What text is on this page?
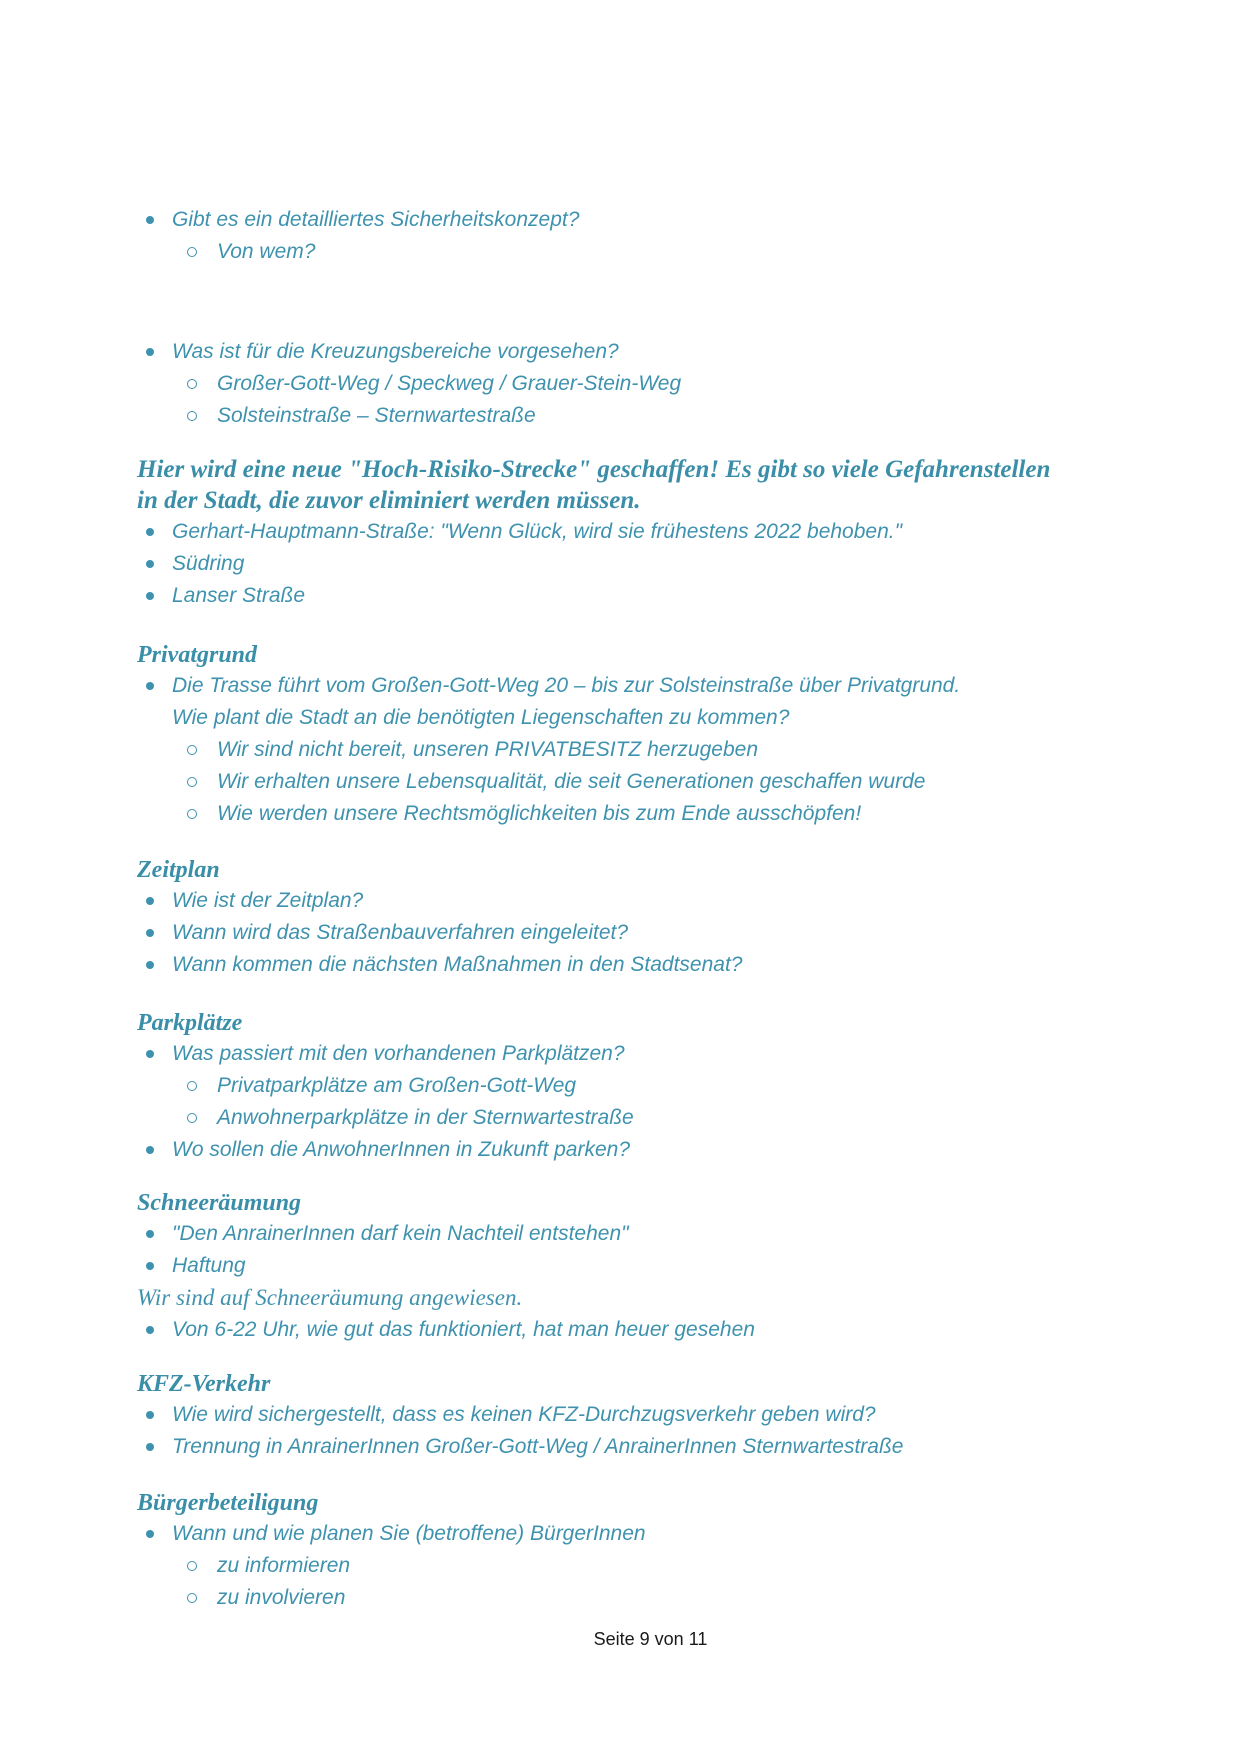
Gibt es ein detailliertes Sicherheitskonzept?
Von wem?
Was ist für die Kreuzungsbereiche vorgesehen?
Großer-Gott-Weg / Speckweg / Grauer-Stein-Weg
Solsteinstraße – Sternwartestraße
Hier wird eine neue "Hoch-Risiko-Strecke" geschaffen! Es gibt so viele Gefahrenstellen
in der Stadt, die zuvor eliminiert werden müssen.
Gerhart-Hauptmann-Straße: "Wenn Glück, wird sie frühestens 2022 behoben."
Südring
Lanser Straße
Privatgrund
Die Trasse führt vom Großen-Gott-Weg 20 – bis zur Solsteinstraße über Privatgrund.
Wie plant die Stadt an die benötigten Liegenschaften zu kommen?
Wir sind nicht bereit, unseren PRIVATBESITZ herzugeben
Wir erhalten unsere Lebensqualität, die seit Generationen geschaffen wurde
Wie werden unsere Rechtsmöglichkeiten bis zum Ende ausschöpfen!
Zeitplan
Wie ist der Zeitplan?
Wann wird das Straßenbauverfahren eingeleitet?
Wann kommen die nächsten Maßnahmen in den Stadtsenat?
Parkplätze
Was passiert mit den vorhandenen Parkplätzen?
Privatparkplätze am Großen-Gott-Weg
Anwohnerparkplätze in der Sternwartestraße
Wo sollen die AnwohnerInnen in Zukunft parken?
Schneeräumung
"Den AnrainerInnen darf kein Nachteil entstehen"
Haftung
Wir sind auf Schneeräumung angewiesen.
Von 6-22 Uhr, wie gut das funktioniert, hat man heuer gesehen
KFZ-Verkehr
Wie wird sichergestellt, dass es keinen KFZ-Durchzugsverkehr geben wird?
Trennung in AnrainerInnen Großer-Gott-Weg / AnrainerInnen Sternwartestraße
Bürgerbeteiligung
Wann und wie planen Sie (betroffene) BürgerInnen
zu informieren
zu involvieren
Seite 9 von 11
